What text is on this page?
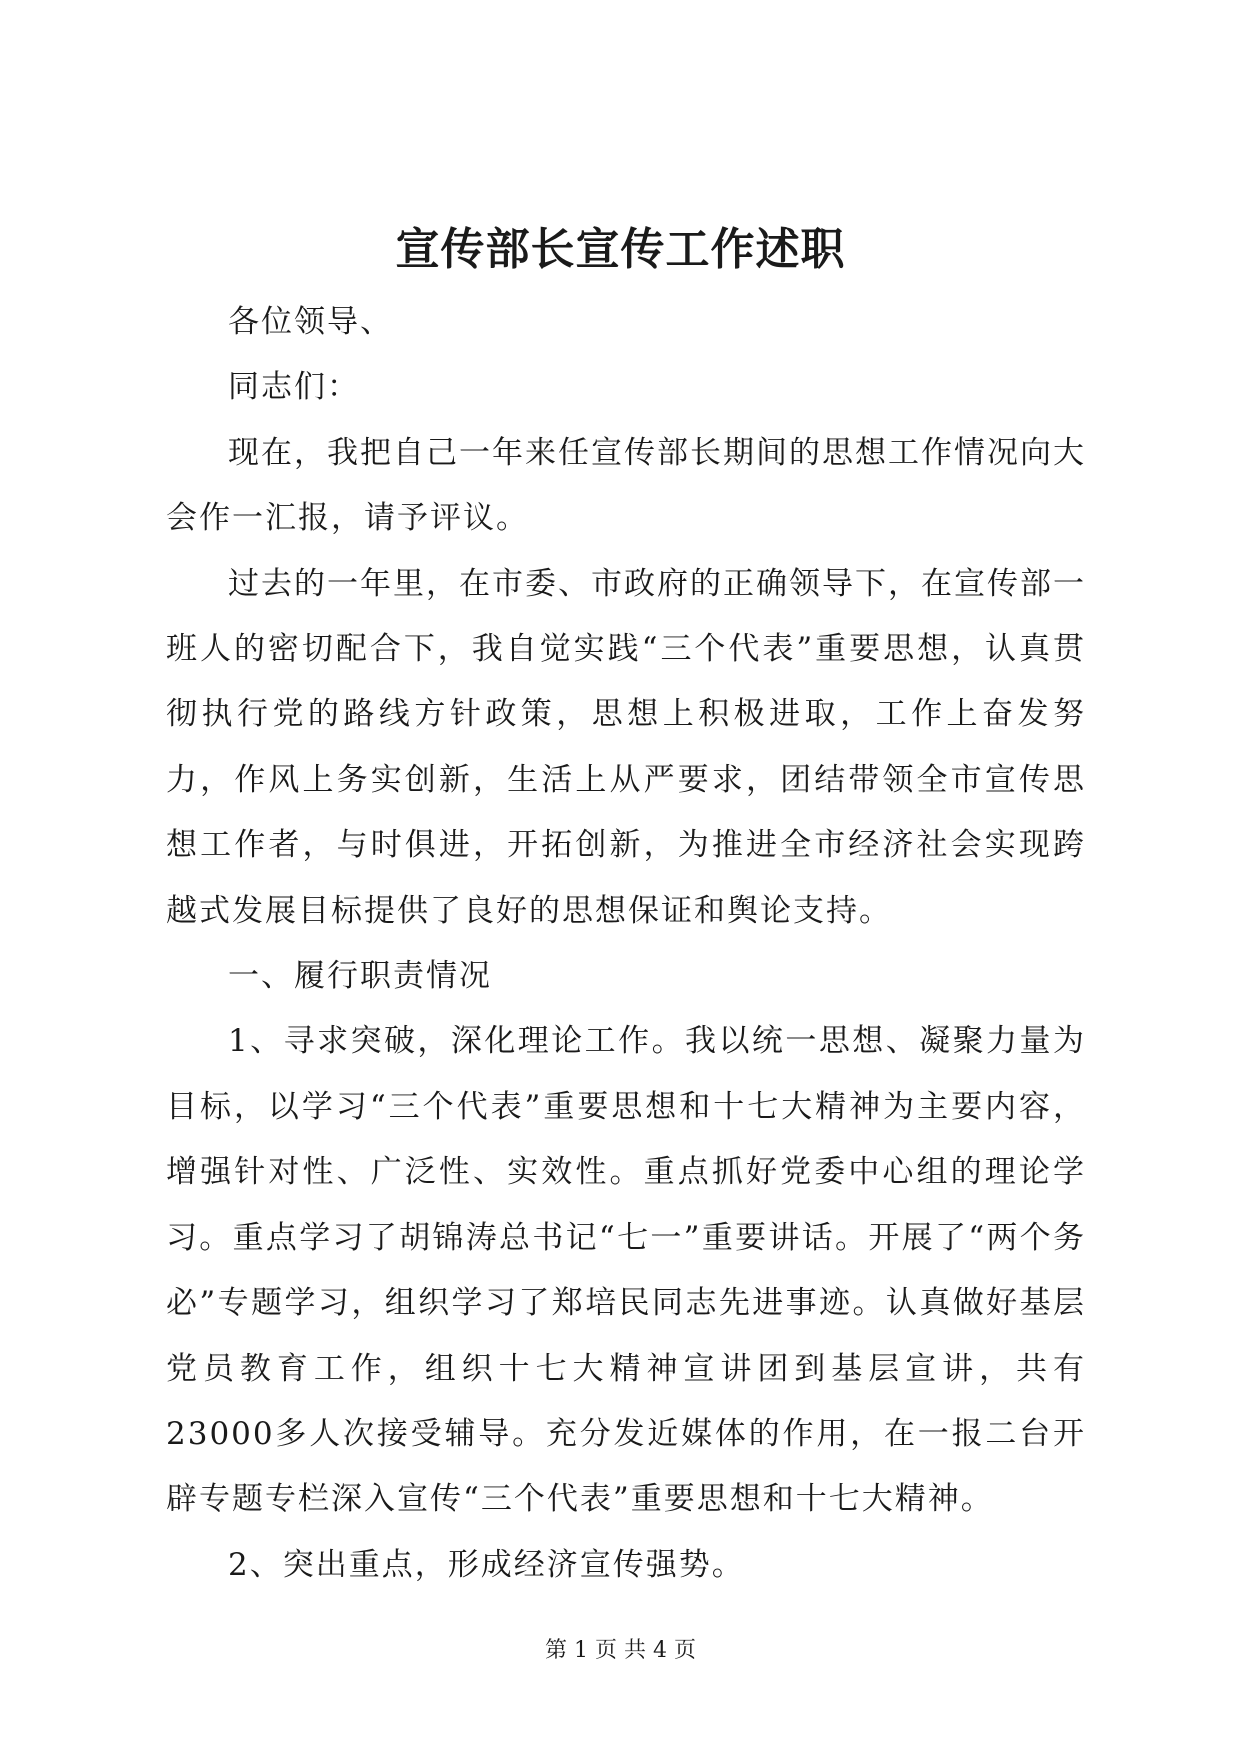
宣传部长宣传工作述职

各位领导、

同志们：

现在，我把自己一年来任宣传部长期间的思想工作情况向大会作一汇报，请予评议。

过去的一年里，在市委、市政府的正确领导下，在宣传部一班人的密切配合下，我自觉实践“三个代表”重要思想，认真贯彻执行党的路线方针政策，思想上积极进取，工作上奋发努力，作风上务实创新，生活上从严要求，团结带领全市宣传思想工作者，与时俱进，开拓创新，为推进全市经济社会实现跨越式发展目标提供了良好的思想保证和舆论支持。

一、履行职责情况

1、寻求突破，深化理论工作。我以统一思想、凝聚力量为目标，以学习“三个代表”重要思想和十七大精神为主要内容，增强针对性、广泛性、实效性。重点抓好党委中心组的理论学习。重点学习了胡锦涛总书记“七一”重要讲话。开展了“两个务必”专题学习，组织学习了郑培民同志先进事迹。认真做好基层党员教育工作，组织十七大精神宣讲团到基层宣讲，共有23000多人次接受辅导。充分发近媒体的作用，在一报二台开辟专题专栏深入宣传“三个代表”重要思想和十七大精神。

2、突出重点，形成经济宣传强势。

第 1 页 共 4 页
